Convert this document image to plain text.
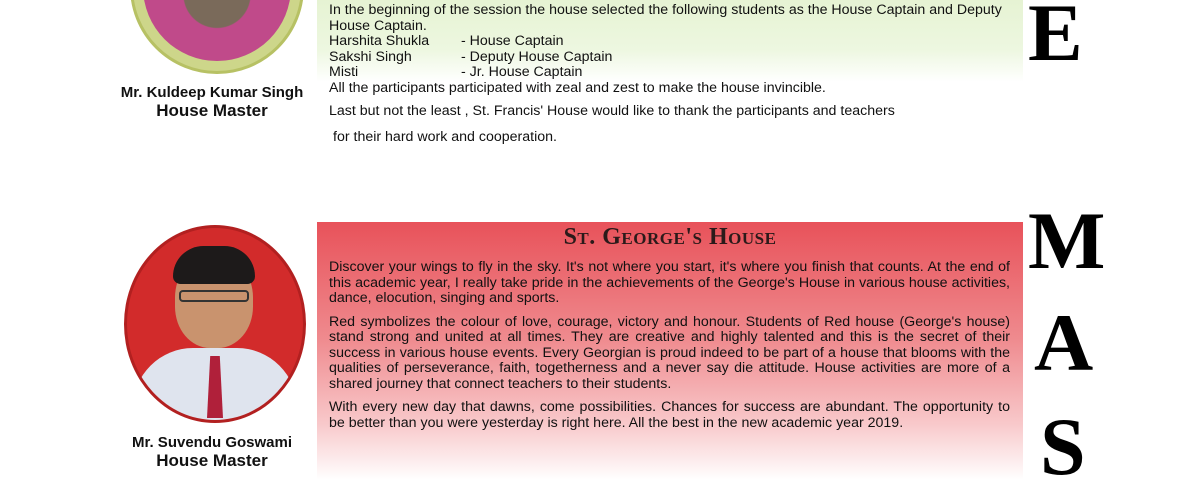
Mr. Kuldeep Kumar Singh
House Master

In the beginning of the session the house selected the following students as the House Captain and Deputy House Captain.

Harshita Shukla	- House Captain
Sakshi Singh	- Deputy House Captain
Misti	- Jr. House Captain

All the participants participated with zeal and zest to make the house invincible.

Last but not the least , St. Francis' House would like to thank the participants and teachers

for their hard work and cooperation.

St. George's House
Mr. Suvendu Goswami
House Master

Discover your wings to fly in the sky. It's not where you start, it's where you finish that counts. At the end of this academic year, I really take pride in the achievements of the George's House in various house activities, dance, elocution, singing and sports.

Red symbolizes the colour of love, courage, victory and honour. Students of Red house (George's house) stand strong and united at all times. They are creative and highly talented and this is the secret of their success in various house events. Every Georgian is proud indeed to be part of a house that blooms with the qualities of perseverance, faith, togetherness and a never say die attitude. House activities are more of a shared journey that connect teachers to their students.

With every new day that dawns, come possibilities. Chances for success are abundant. The opportunity to be better than you were yesterday is right here. All the best in the new academic year 2019.

E
M
A
S
